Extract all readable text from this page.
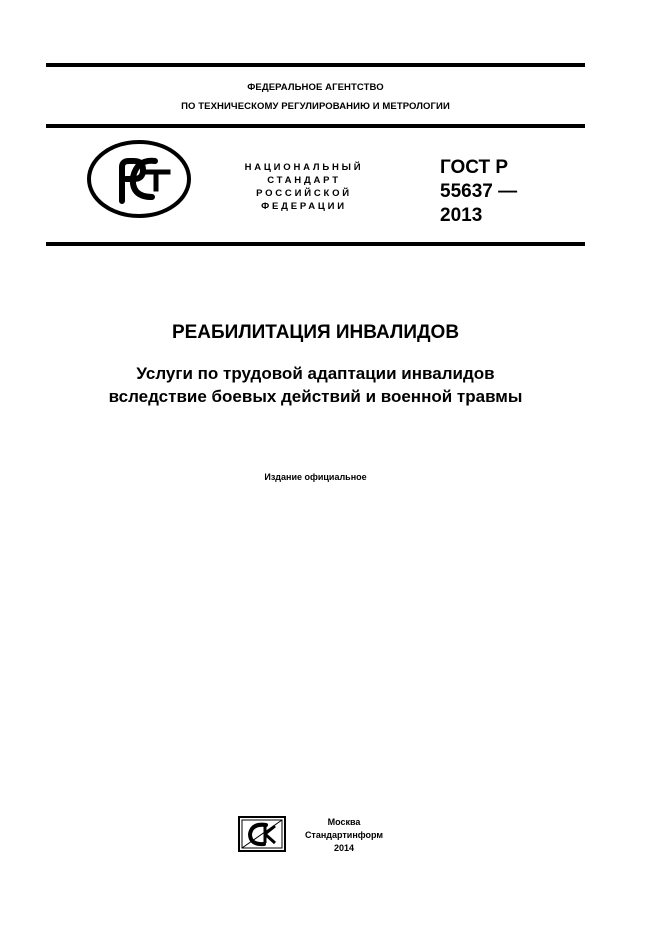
ФЕДЕРАЛЬНОЕ АГЕНТСТВО
ПО ТЕХНИЧЕСКОМУ РЕГУЛИРОВАНИЮ И МЕТРОЛОГИИ
НАЦИОНАЛЬНЫЙ
СТАНДАРТ
РОССИЙСКОЙ
ФЕДЕРАЦИИ
ГОСТ Р
55637 —
2013
РЕАБИЛИТАЦИЯ ИНВАЛИДОВ
Услуги по трудовой адаптации инвалидов
вследствие боевых действий и военной травмы
Издание официальное
Москва
Стандартинформ
2014
